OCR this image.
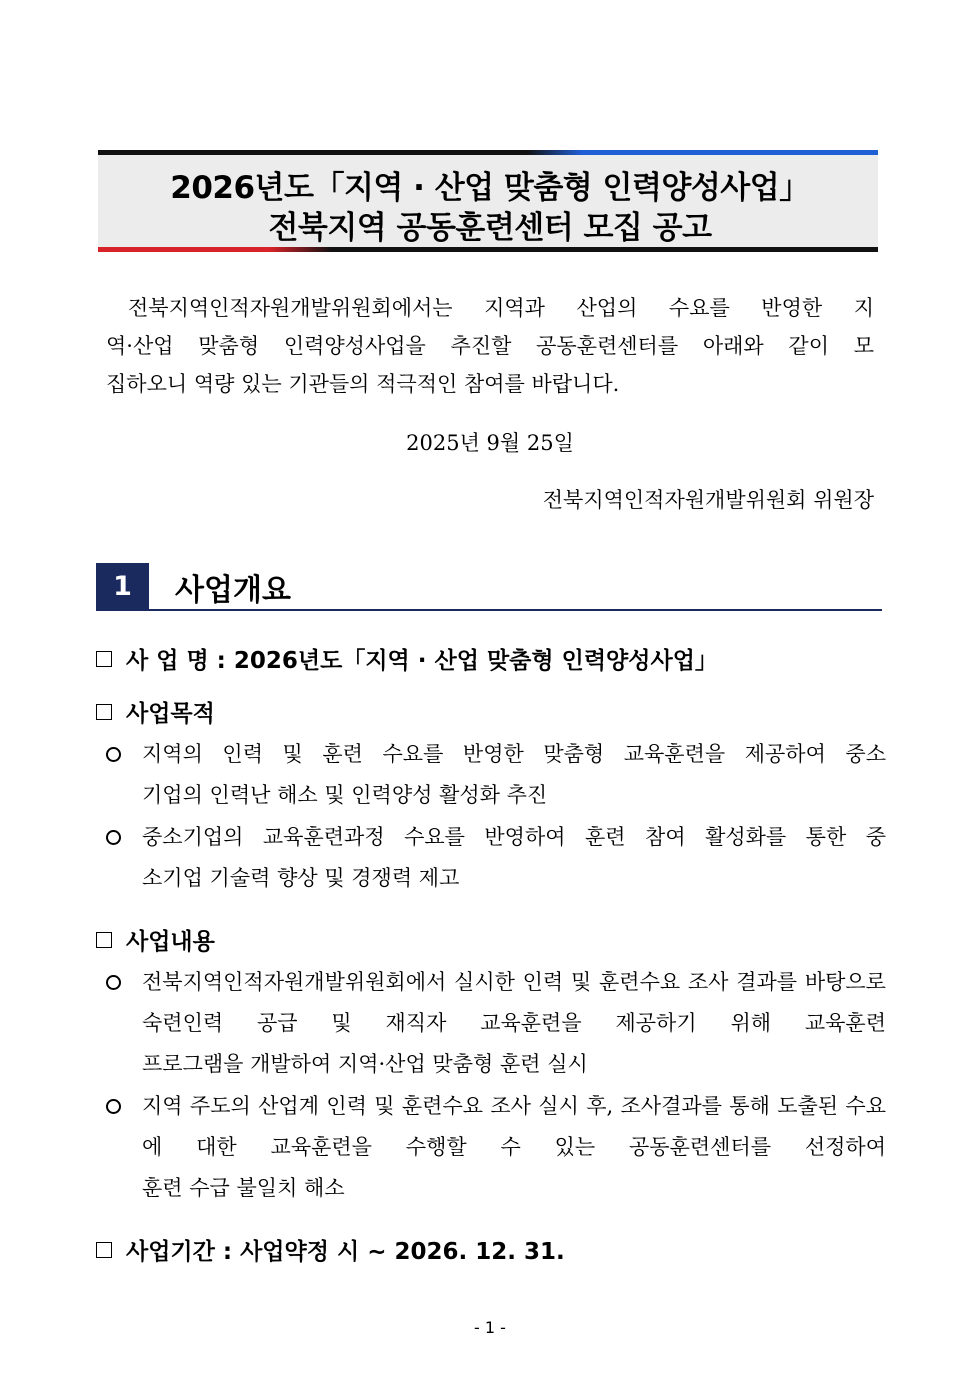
2026년도「지역 · 산업 맞춤형 인력양성사업」
전북지역 공동훈련센터 모집 공고
전북지역인적자원개발위원회에서는 지역과 산업의 수요를 반영한 지
역·산업 맞춤형 인력양성사업을 추진할 공동훈련센터를 아래와 같이 모
집하오니 역량 있는 기관들의 적극적인 참여를 바랍니다.
2025년 9월 25일
전북지역인적자원개발위원회 위원장
1	사업개요
사 업 명 : 2026년도「지역 · 산업 맞춤형 인력양성사업」
사업목적
지역의 인력 및 훈련 수요를 반영한 맞춤형 교육훈련을 제공하여 중소
기업의 인력난 해소 및 인력양성 활성화 추진
중소기업의 교육훈련과정 수요를 반영하여 훈련 참여 활성화를 통한 중
소기업 기술력 향상 및 경쟁력 제고
사업내용
전북지역인적자원개발위원회에서 실시한 인력 및 훈련수요 조사 결과를 바탕으로 숙련인력 공급 및 재직자 교육훈련을 제공하기 위해 교육훈련
프로그램을 개발하여 지역·산업 맞춤형 훈련 실시
지역 주도의 산업계 인력 및 훈련수요 조사 실시 후, 조사결과를 통해 도출된 수요에 대한 교육훈련을 수행할 수 있는 공동훈련센터를 선정하여
훈련 수급 불일치 해소
사업기간 : 사업약정 시 ~ 2026. 12. 31.
- 1 -
